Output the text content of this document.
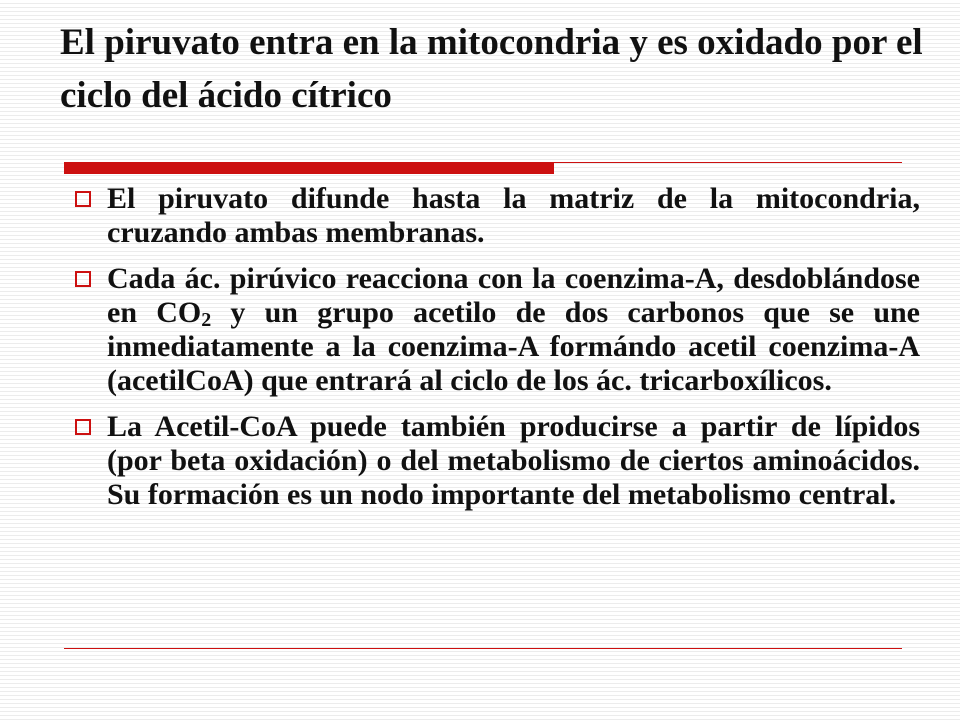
El piruvato entra en la mitocondria y es oxidado por el ciclo del ácido cítrico
El piruvato difunde hasta la matriz de la mitocondria, cruzando ambas membranas.
Cada ác. pirúvico reacciona con la coenzima-A, desdoblándose en $CO_2$ y un grupo acetilo de dos carbonos que se une inmediatamente a la coenzima-A formándo acetil coenzima-A (acetilCoA) que entrará al ciclo de los ác. tricarboxílicos.
La Acetil-CoA puede también producirse a partir de lípidos (por beta oxidación) o del metabolismo de ciertos aminoácidos. Su formación es un nodo importante del metabolismo central.
